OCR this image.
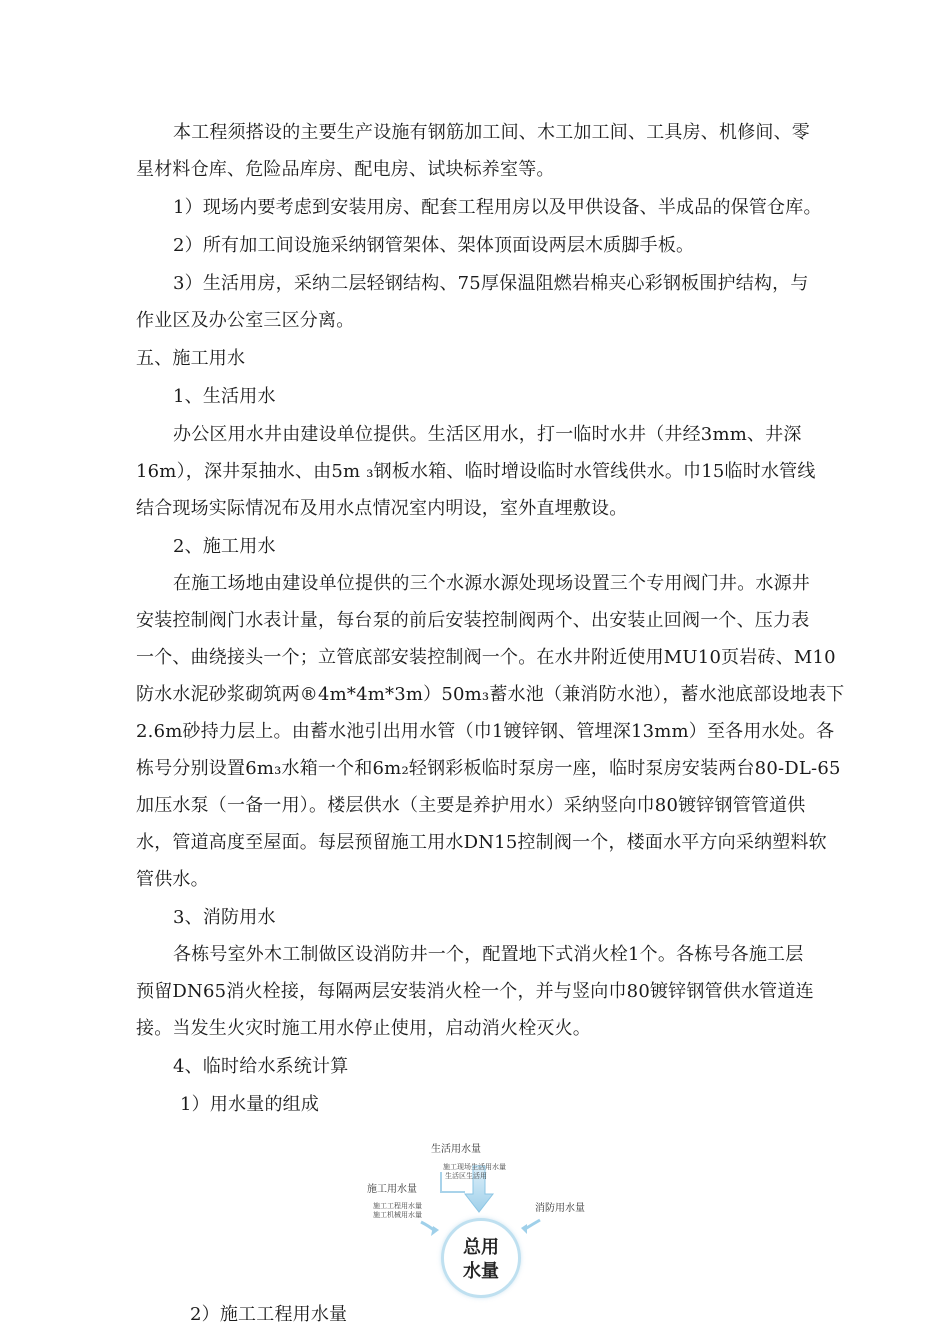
本工程须搭设的主要生产设施有钢筋加工间、木工加工间、工具房、机修间、零
星材料仓库、危险品库房、配电房、试块标养室等。
1）现场内要考虑到安装用房、配套工程用房以及甲供设备、半成品的保管仓库。
2）所有加工间设施采纳钢管架体、架体顶面设两层木质脚手板。
3）生活用房，采纳二层轻钢结构、75厚保温阻燃岩棉夹心彩钢板围护结构，与
作业区及办公室三区分离。
五、施工用水
1、生活用水
办公区用水井由建设单位提供。生活区用水，打一临时水井（井经3mm、井深
16m），深井泵抽水、由5m ₃钢板水箱、临时增设临时水管线供水。巾15临时水管线
结合现场实际情况布及用水点情况室内明设，室外直埋敷设。
2、施工用水
在施工场地由建设单位提供的三个水源水源处现场设置三个专用阀门井。水源井
安装控制阀门水表计量，每台泵的前后安装控制阀两个、出安装止回阀一个、压力表
一个、曲绕接头一个；立管底部安装控制阀一个。在水井附近使用MU10页岩砖、M10
防水水泥砂浆砌筑两®4m*4m*3m）50m₃蓄水池（兼消防水池），蓄水池底部设地表下
2.6m砂持力层上。由蓄水池引出用水管（巾1镀锌钢、管埋深13mm）至各用水处。各
栋号分别设置6m₃水箱一个和6m₂轻钢彩板临时泵房一座，临时泵房安装两台80-DL-65
加压水泵（一备一用）。楼层供水（主要是养护用水）采纳竖向巾80镀锌钢管管道供
水，管道高度至屋面。每层预留施工用水DN15控制阀一个，楼面水平方向采纳塑料软
管供水。
3、消防用水
各栋号室外木工制做区设消防井一个，配置地下式消火栓1个。各栋号各施工层
预留DN65消火栓接，每隔两层安装消火栓一个，并与竖向巾80镀锌钢管供水管道连
接。当发生火灾时施工用水停止使用，启动消火栓灭火。
4、临时给水系统计算
1）用水量的组成
生活用水量
施工现场生活用水量
生活区生活用
施工用水量
施工工程用水量
施工机械用水量
消防用水量
总用
水量
2）施工工程用水量
